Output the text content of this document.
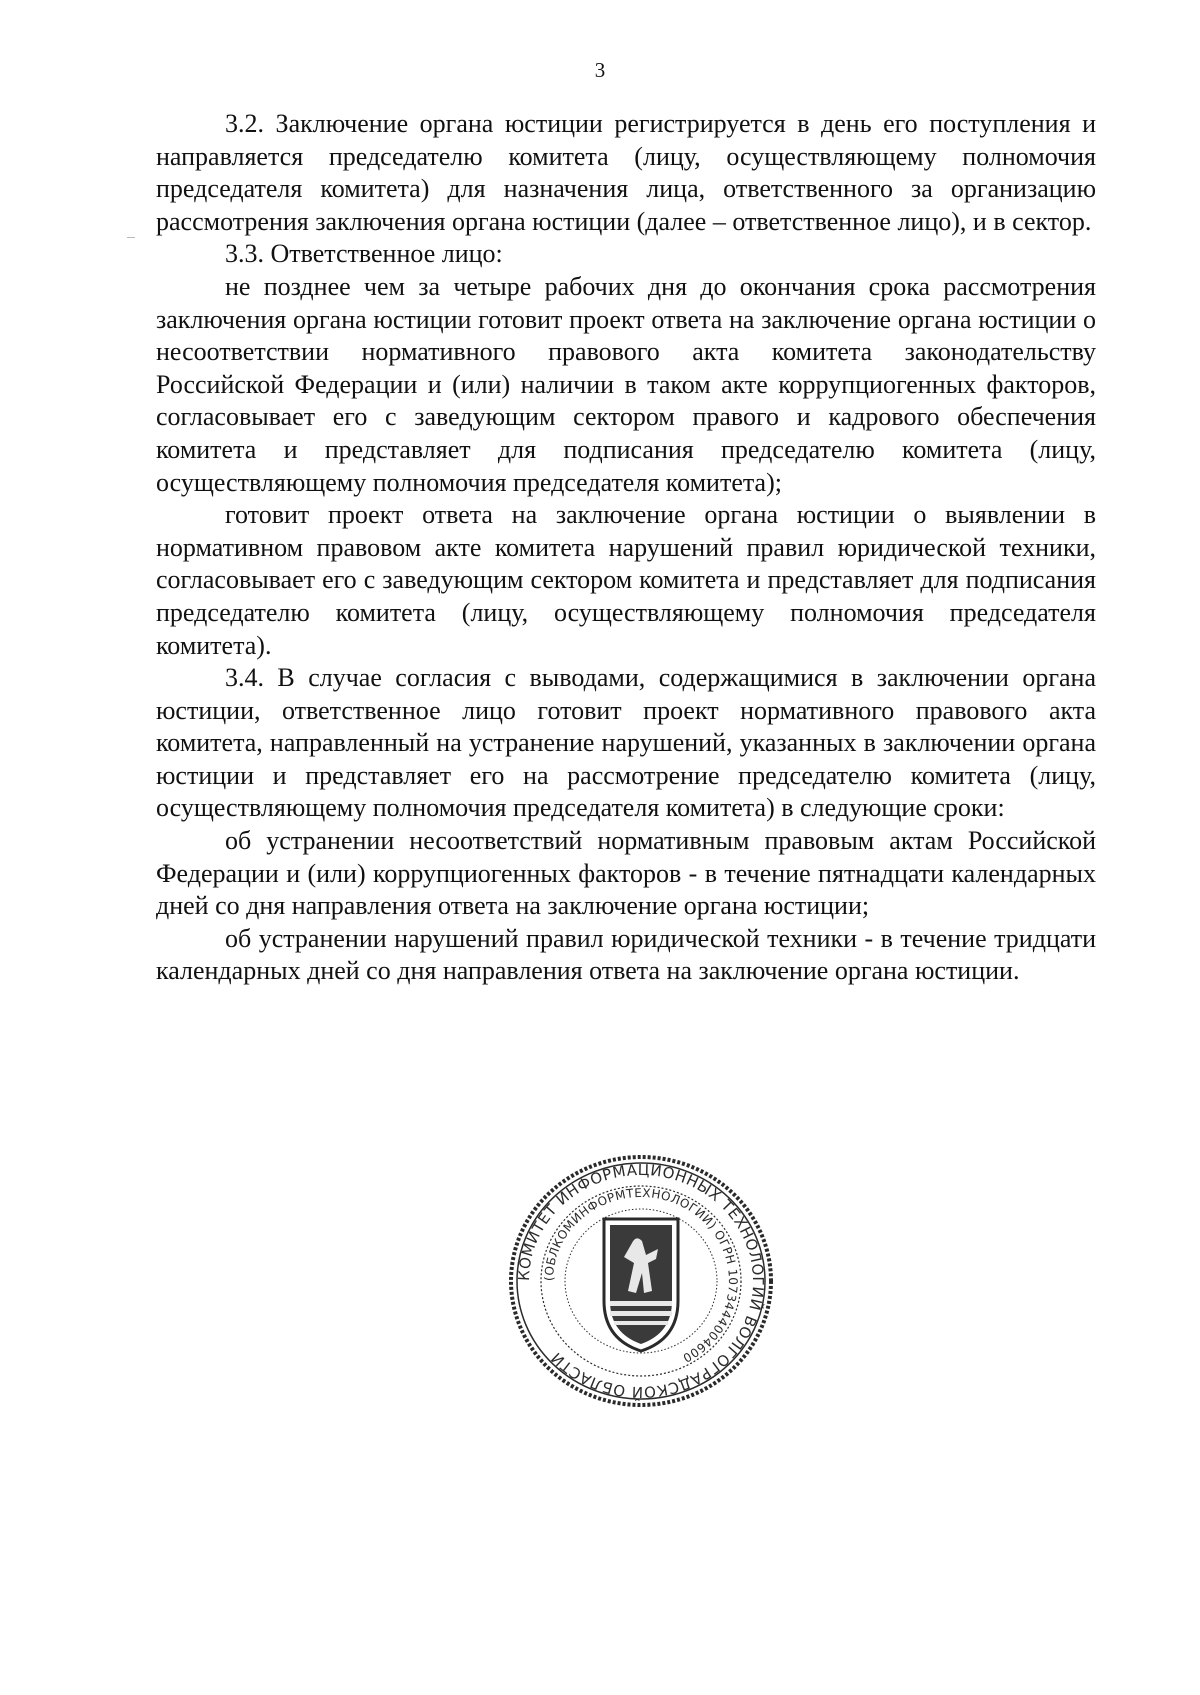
3

3.2. Заключение органа юстиции регистрируется в день его поступления и направляется председателю комитета (лицу, осуществляющему полномочия председателя комитета) для назначения лица, ответственного за организацию рассмотрения заключения органа юстиции (далее – ответственное лицо), и в сектор.

3.3. Ответственное лицо:

не позднее чем за четыре рабочих дня до окончания срока рассмотрения заключения органа юстиции готовит проект ответа на заключение органа юстиции о несоответствии нормативного правового акта комитета законодательству Российской Федерации и (или) наличии в таком акте коррупциогенных факторов, согласовывает его с заведующим сектором правого и кадрового обеспечения комитета и представляет для подписания председателю комитета (лицу, осуществляющему полномочия председателя комитета);

готовит проект ответа на заключение органа юстиции о выявлении в нормативном правовом акте комитета нарушений правил юридической техники, согласовывает его с заведующим сектором комитета и представляет для подписания председателю комитета (лицу, осуществляющему полномочия председателя комитета).

3.4. В случае согласия с выводами, содержащимися в заключении органа юстиции, ответственное лицо готовит проект нормативного правового акта комитета, направленный на устранение нарушений, указанных в заключении органа юстиции и представляет его на рассмотрение председателю комитета (лицу, осуществляющему полномочия председателя комитета) в следующие сроки:

об устранении несоответствий нормативным правовым актам Российской Федерации и (или) коррупциогенных факторов - в течение пятнадцати календарных дней со дня направления ответа на заключение органа юстиции;

об устранении нарушений правил юридической техники - в течение тридцати календарных дней со дня направления ответа на заключение органа юстиции.

КОМИТЕТ ИНФОРМАЦИОННЫХ ТЕХНОЛОГИЙ ВОЛГОГРАДСКОЙ ОБЛАСТИ
(ОБЛКОМИНФОРМТЕХНОЛОГИИ) ОГРН 1073444004600
